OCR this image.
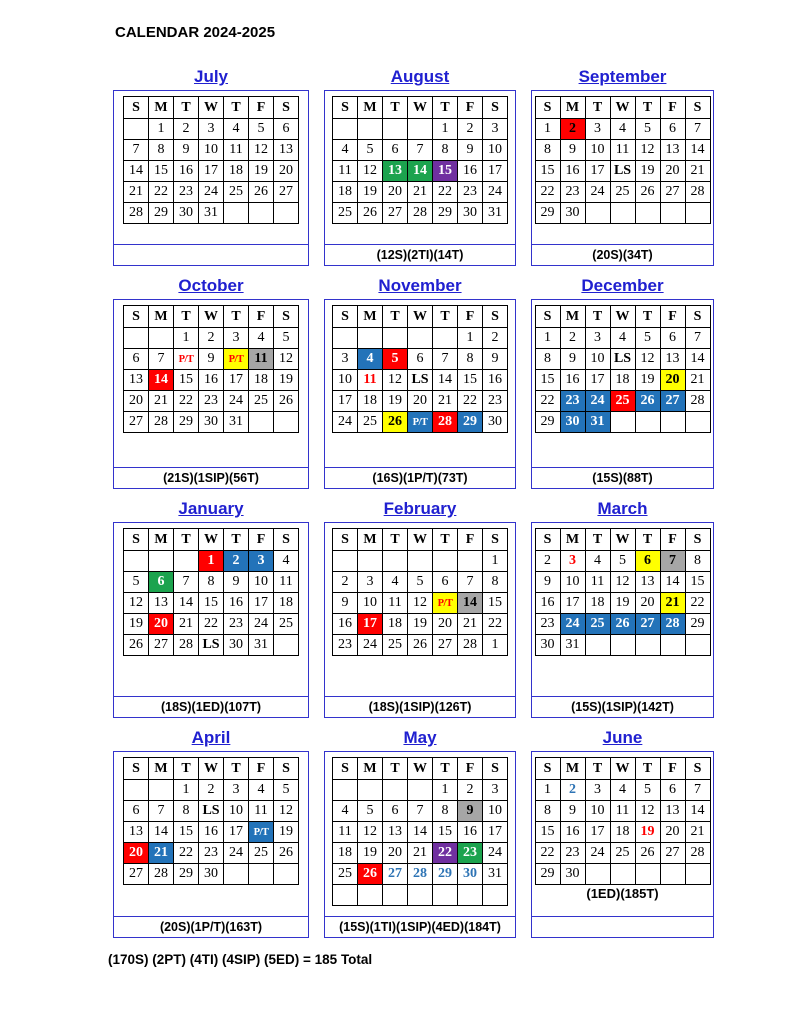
CALENDAR 2024-2025
July
S	M	T	W	T	F	S
	1	2	3	4	5	6
7	8	9	10	11	12	13
14	15	16	17	18	19	20
21	22	23	24	25	26	27
28	29	30	31			
August
S	M	T	W	T	F	S
				1	2	3
4	5	6	7	8	9	10
11	12	13	14	15	16	17
18	19	20	21	22	23	24
25	26	27	28	29	30	31
(12S)(2TI)(14T)
September
S	M	T	W	T	F	S
1	2	3	4	5	6	7
8	9	10	11	12	13	14
15	16	17	LS	19	20	21
22	23	24	25	26	27	28
29	30					
(20S)(34T)
October
S	M	T	W	T	F	S
		1	2	3	4	5
6	7	P/T	9	P/T	11	12
13	14	15	16	17	18	19
20	21	22	23	24	25	26
27	28	29	30	31		
(21S)(1SIP)(56T)
November
S	M	T	W	T	F	S
					1	2
3	4	5	6	7	8	9
10	11	12	LS	14	15	16
17	18	19	20	21	22	23
24	25	26	P/T	28	29	30
(16S)(1P/T)(73T)
December
S	M	T	W	T	F	S
1	2	3	4	5	6	7
8	9	10	LS	12	13	14
15	16	17	18	19	20	21
22	23	24	25	26	27	28
29	30	31				
(15S)(88T)
January
S	M	T	W	T	F	S
			1	2	3	4
5	6	7	8	9	10	11
12	13	14	15	16	17	18
19	20	21	22	23	24	25
26	27	28	LS	30	31	
(18S)(1ED)(107T)
February
S	M	T	W	T	F	S
						1
2	3	4	5	6	7	8
9	10	11	12	P/T	14	15
16	17	18	19	20	21	22
23	24	25	26	27	28	1
(18S)(1SIP)(126T)
March
S	M	T	W	T	F	S
2	3	4	5	6	7	8
9	10	11	12	13	14	15
16	17	18	19	20	21	22
23	24	25	26	27	28	29
30	31					
(15S)(1SIP)(142T)
April
S	M	T	W	T	F	S
		1	2	3	4	5
6	7	8	LS	10	11	12
13	14	15	16	17	P/T	19
20	21	22	23	24	25	26
27	28	29	30			
(20S)(1P/T)(163T)
May
S	M	T	W	T	F	S
				1	2	3
4	5	6	7	8	9	10
11	12	13	14	15	16	17
18	19	20	21	22	23	24
25	26	27	28	29	30	31

(15S)(1TI)(1SIP)(4ED)(184T)
June
S	M	T	W	T	F	S
1	2	3	4	5	6	7
8	9	10	11	12	13	14
15	16	17	18	19	20	21
22	23	24	25	26	27	28
29	30					
(1ED)(185T)
(170S) (2PT) (4TI) (4SIP) (5ED) = 185 Total
